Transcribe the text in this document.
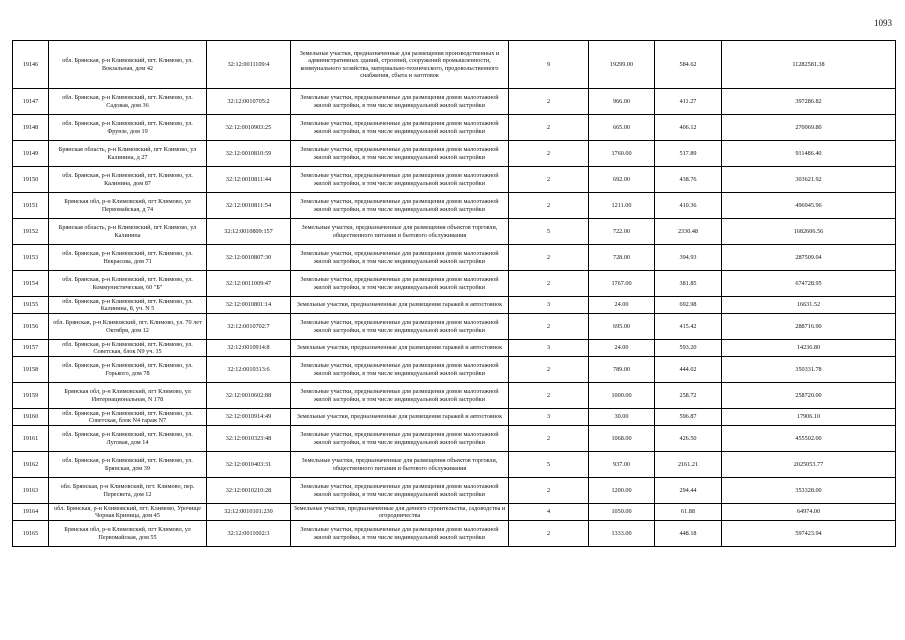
1093
19146	обл. Брянская, р-н Климовский, пгт. Климово, ул. Вокзальная, дом 42	32:12:0011109:4	Земельные участки, предназначенные для размещения производственных и административных зданий, строений, сооружений промышленности, коммунального хозяйства, материально-технического, продовольственного снабжения, сбыта и заготовок	9	19299.00	584.62	11282581.38
19147	обл. Брянская, р-н Климовский, пгт. Климово, ул. Садовая, дом 36	32:12:0010705:2	Земельные участки, предназначенные для размещения домов малоэтажной жилой застройки, в том числе индивидуальной жилой застройки	2	966.00	411.27	397286.82
19148	обл. Брянская, р-н Климовский, пгт. Климово, ул. Фрунзе, дом 19	32:12:0010903:25	Земельные участки, предназначенные для размещения домов малоэтажной жилой застройки, в том числе индивидуальной жилой застройки	2	665.00	406.12	270069.80
19149	Брянская область, р-н Климовский, пгт Климово, ул Калинина, д 27	32:12:0010810:59	Земельные участки, предназначенные для размещения домов малоэтажной жилой застройки, в том числе индивидуальной жилой застройки	2	1760.00	517.89	911486.40
19150	обл. Брянская, р-н Климовский, пгт. Климово, ул. Калинина, дом 87	32:12:0010811:44	Земельные участки, предназначенные для размещения домов малоэтажной жилой застройки, в том числе индивидуальной жилой застройки	2	692.00	438.76	303621.92
19151	Брянская обл, р-н Климовский, пгт Климово, ул Первомайская, д 74	32:12:0010811:54	Земельные участки, предназначенные для размещения домов малоэтажной жилой застройки, в том числе индивидуальной жилой застройки	2	1211.00	410.36	496945.96
19152	Брянская область, р-н Климовский, пгт Климово, ул Калинина	32:12:0010809:157	Земельные участки, предназначенные для размещения объектов торговли, общественного питания и бытового обслуживания	5	722.00	2330.48	1682606.56
19153	обл. Брянская, р-н Климовский, пгт. Климово, ул. Некрасова, дом 71	32:12:0010807:30	Земельные участки, предназначенные для размещения домов малоэтажной жилой застройки, в том числе индивидуальной жилой застройки	2	728.00	394.93	287509.04
19154	обл. Брянская, р-н Климовский, пгт. Климово, ул. Коммунистическая, 60 "Б"	32:12:0011009:47	Земельные участки, предназначенные для размещения домов малоэтажной жилой застройки, в том числе индивидуальной жилой застройки	2	1767.00	381.85	674728.95
19155	обл. Брянская, р-н Климовский, пгт. Климово, ул. Калинина, 8, уч. N 5	32:12:0010801:14	Земельные участки, предназначенные для размещения гаражей и автостоянок	3	24.00	692.98	16631.52
19156	обл. Брянская, р-н Климовский, пгт. Климово, ул. 70 лет Октября, дом 12	32:12:0010702:7	Земельные участки, предназначенные для размещения домов малоэтажной жилой застройки, в том числе индивидуальной жилой застройки	2	695.00	415.42	288716.90
19157	обл. Брянская, р-н Климовский, пгт. Климово, ул. Советская, блок N9 уч. 15	32:12:0010914:8	Земельные участки, предназначенные для размещения гаражей и автостоянок	3	24.00	593.20	14236.80
19158	обл. Брянская, р-н Климовский, пгт. Климово, ул. Горького, дом 78	32:12:0010313:6	Земельные участки, предназначенные для размещения домов малоэтажной жилой застройки, в том числе индивидуальной жилой застройки	2	789.00	444.02	350331.78
19159	Брянская обл, р-н Климовский, пгт Климово, ул Интернациональная, N 178	32:12:0010602:88	Земельные участки, предназначенные для размещения домов малоэтажной жилой застройки, в том числе индивидуальной жилой застройки	2	1000.00	258.72	258720.00
19160	обл. Брянская, р-н Климовский, пгт. Климово, ул. Советская, блок N4 гараж N7	32:12:0010914:49	Земельные участки, предназначенные для размещения гаражей и автостоянок	3	30.00	596.87	17906.10
19161	обл. Брянская, р-н Климовский, пгт. Климово, ул. Луговая, дом 14	32:12:0010323:48	Земельные участки, предназначенные для размещения домов малоэтажной жилой застройки, в том числе индивидуальной жилой застройки	2	1068.00	426.50	455502.00
19162	обл. Брянская, р-н Климовский, пгт. Климово, ул. Брянская, дом 39	32:12:0010403:31	Земельные участки, предназначенные для размещения объектов торговли, общественного питания и бытового обслуживания	5	937.00	2161.21	2025053.77
19163	обл. Брянская, р-н Климовский, пгт. Климово, пер. Пересвета, дом 12	32:12:0010210:28	Земельные участки, предназначенные для размещения домов малоэтажной жилой застройки, в том числе индивидуальной жилой застройки	2	1200.00	294.44	353328.00
19164	обл. Брянская, р-н Климовский, пгт. Климово, Урочище Чорная Криница, дом 45	32:12:0010101:230	Земельные участки, предназначенные для дачного строительства, садоводства и огородничества	4	1050.00	61.88	64974.00
19165	Брянская обл, р-н Климовский, пгт Климово, ул Первомайская, дом 55	32:12:0011002:3	Земельные участки, предназначенные для размещения домов малоэтажной жилой застройки, в том числе индивидуальной жилой застройки	2	1333.00	448.18	597423.94
